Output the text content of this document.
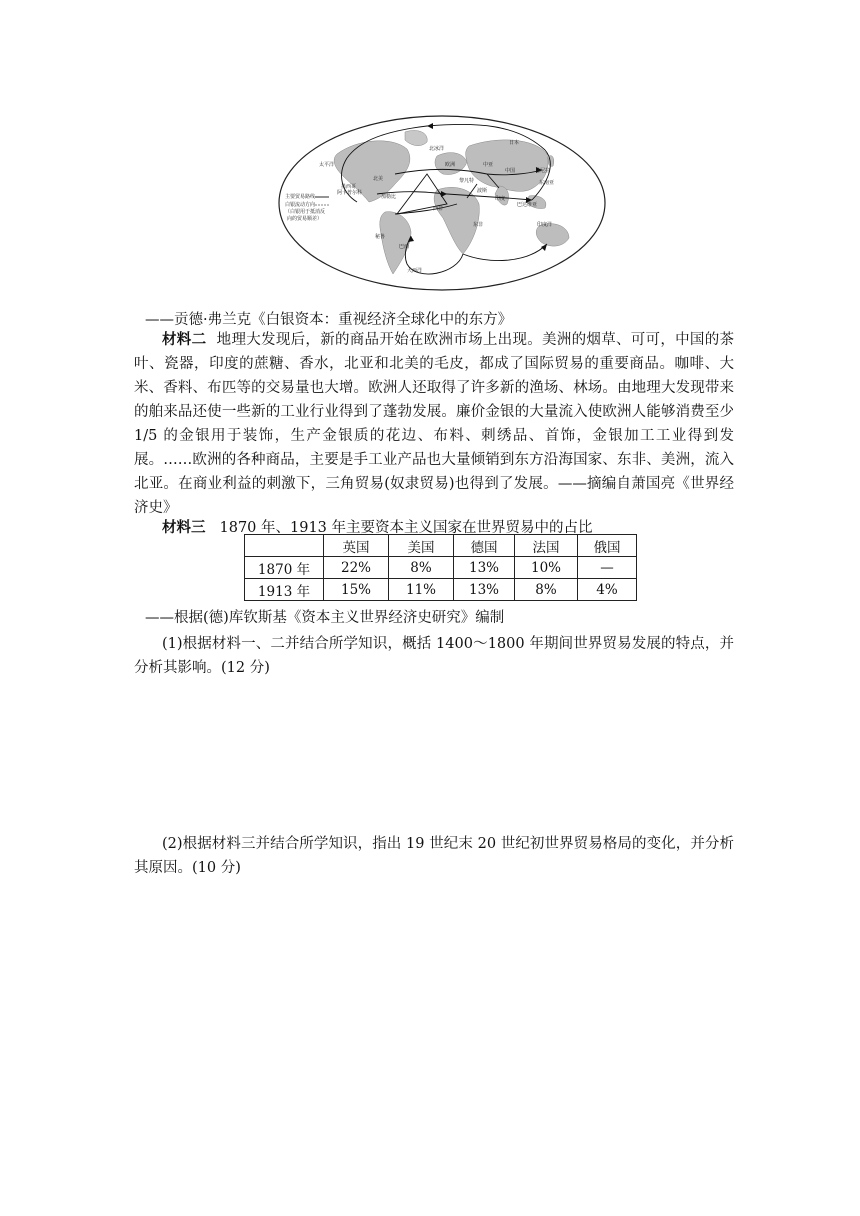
太平洋
北冰洋
大西洋
印度洋
日本
中国	马尼拉
东南亚
欧洲
北美
墨西哥
阿卡普尔科
秘鲁
巴西
加勒比
西非
东非
印度
波斯
黎凡特
中亚
巴达维亚
主要贸易路线
白银流动方向
（白银用于抵消反
向的贸易顺差）
——贡德·弗兰克《白银资本：重视经济全球化中的东方》
材料二 地理大发现后，新的商品开始在欧洲市场上出现。美洲的烟草、可可，中国的茶叶、瓷器，印度的蔗糖、香水，北亚和北美的毛皮，都成了国际贸易的重要商品。咖啡、大米、香料、布匹等的交易量也大增。欧洲人还取得了许多新的渔场、林场。由地理大发现带来的舶来品还使一些新的工业行业得到了蓬勃发展。廉价金银的大量流入使欧洲人能够消费至少 1/5 的金银用于装饰，生产金银质的花边、布料、刺绣品、首饰，金银加工工业得到发展。……欧洲的各种商品，主要是手工业产品也大量倾销到东方沿海国家、东非、美洲，流入北亚。在商业利益的刺激下，三角贸易(奴隶贸易)也得到了发展。——摘编自萧国亮《世界经济史》
材料三 1870 年、1913 年主要资本主义国家在世界贸易中的占比
	英国	美国	德国	法国	俄国
1870 年	22%	8%	13%	10%	—
1913 年	15%	11%	13%	8%	4%
——根据(德)库钦斯基《资本主义世界经济史研究》编制
(1)根据材料一、二并结合所学知识，概括 1400～1800 年期间世界贸易发展的特点，并分析其影响。(12 分)
(2)根据材料三并结合所学知识，指出 19 世纪末 20 世纪初世界贸易格局的变化，并分析其原因。(10 分)
